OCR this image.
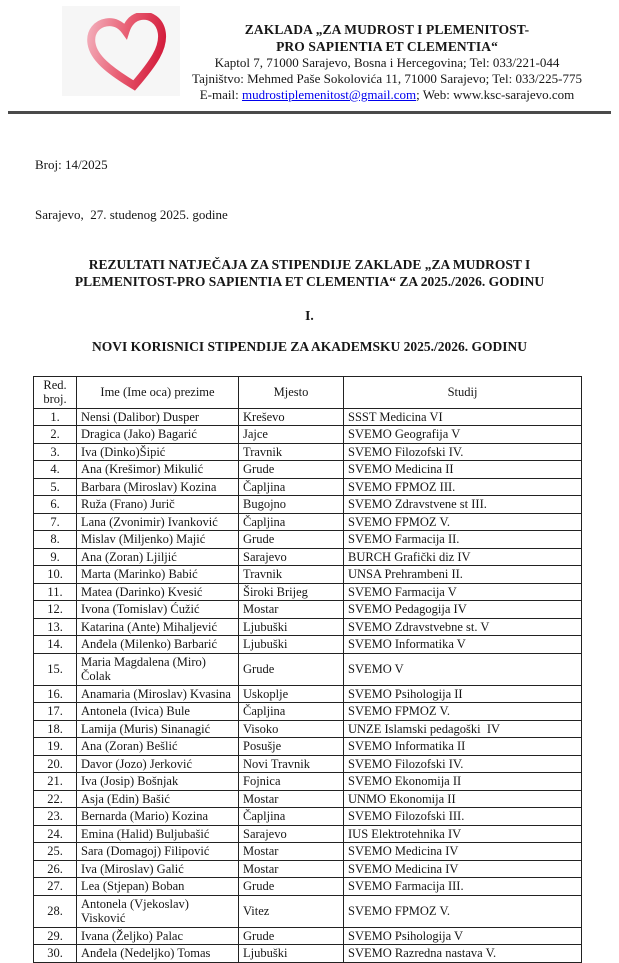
ZAKLADA „ZA MUDROST I PLEMENITOST-
PRO SAPIENTIA ET CLEMENTIA“
Kaptol 7, 71000 Sarajevo, Bosna i Hercegovina; Tel: 033/221-044
Tajništvo: Mehmed Paše Sokolovića 11, 71000 Sarajevo; Tel: 033/225-775
E-mail: mudrostiplemenitost@gmail.com; Web: www.ksc-sarajevo.com

Broj: 14/2025

Sarajevo,  27. studenog 2025. godine

REZULTATI NATJEČAJA ZA STIPENDIJE ZAKLADE „ZA MUDROST I
PLEMENITOST-PRO SAPIENTIA ET CLEMENTIA“ ZA 2025./2026. GODINU
I.
NOVI KORISNICI STIPENDIJE ZA AKADEMSKU 2025./2026. GODINU
Red. broj.	Ime (Ime oca) prezime	Mjesto	Studij
1.	Nensi (Dalibor) Dusper	Kreševo	SSST Medicina VI
2.	Dragica (Jako) Bagarić	Jajce	SVEMO Geografija V
3.	Iva (Dinko)Šipić	Travnik	SVEMO Filozofski IV.
4.	Ana (Krešimor) Mikulić	Grude	SVEMO Medicina II
5.	Barbara (Miroslav) Kozina	Čapljina	SVEMO FPMOZ III.
6.	Ruža (Frano) Jurič	Bugojno	SVEMO Zdravstvene st III.
7.	Lana (Zvonimir) Ivanković	Čapljina	SVEMO FPMOZ V.
8.	Mislav (Miljenko) Majić	Grude	SVEMO Farmacija II.
9.	Ana (Zoran) Ljiljić	Sarajevo	BURCH Grafički diz IV
10.	Marta (Marinko) Babić	Travnik	UNSA Prehrambeni II.
11.	Matea (Darinko) Kvesić	Široki Brijeg	SVEMO Farmacija V
12.	Ivona (Tomislav) Ćužić	Mostar	SVEMO Pedagogija IV
13.	Katarina (Ante) Mihaljević	Ljubuški	SVEMO Zdravstvebne st. V
14.	Anđela (Milenko) Barbarić	Ljubuški	SVEMO Informatika V
15.	Maria Magdalena (Miro) Čolak	Grude	SVEMO V
16.	Anamaria (Miroslav) Kvasina	Uskoplje	SVEMO Psihologija II
17.	Antonela (Ivica) Bule	Čapljina	SVEMO FPMOZ V.
18.	Lamija (Muris) Sinanagić	Visoko	UNZE Islamski pedagoški  IV
19.	Ana (Zoran) Bešlić	Posušje	SVEMO Informatika II
20.	Davor (Jozo) Jerković	Novi Travnik	SVEMO Filozofski IV.
21.	Iva (Josip) Bošnjak	Fojnica	SVEMO Ekonomija II
22.	Asja (Edin) Bašić	Mostar	UNMO Ekonomija II
23.	Bernarda (Mario) Kozina	Čapljina	SVEMO Filozofski III.
24.	Emina (Halid) Buljubašić	Sarajevo	IUS Elektrotehnika IV
25.	Sara (Domagoj) Filipović	Mostar	SVEMO Medicina IV
26.	Iva (Miroslav) Galić	Mostar	SVEMO Medicina IV
27.	Lea (Stjepan) Boban	Grude	SVEMO Farmacija III.
28.	Antonela (Vjekoslav) Visković	Vitez	SVEMO FPMOZ V.
29.	Ivana (Željko) Palac	Grude	SVEMO Psihologija V
30.	Anđela (Nedeljko) Tomas	Ljubuški	SVEMO Razredna nastava V.
